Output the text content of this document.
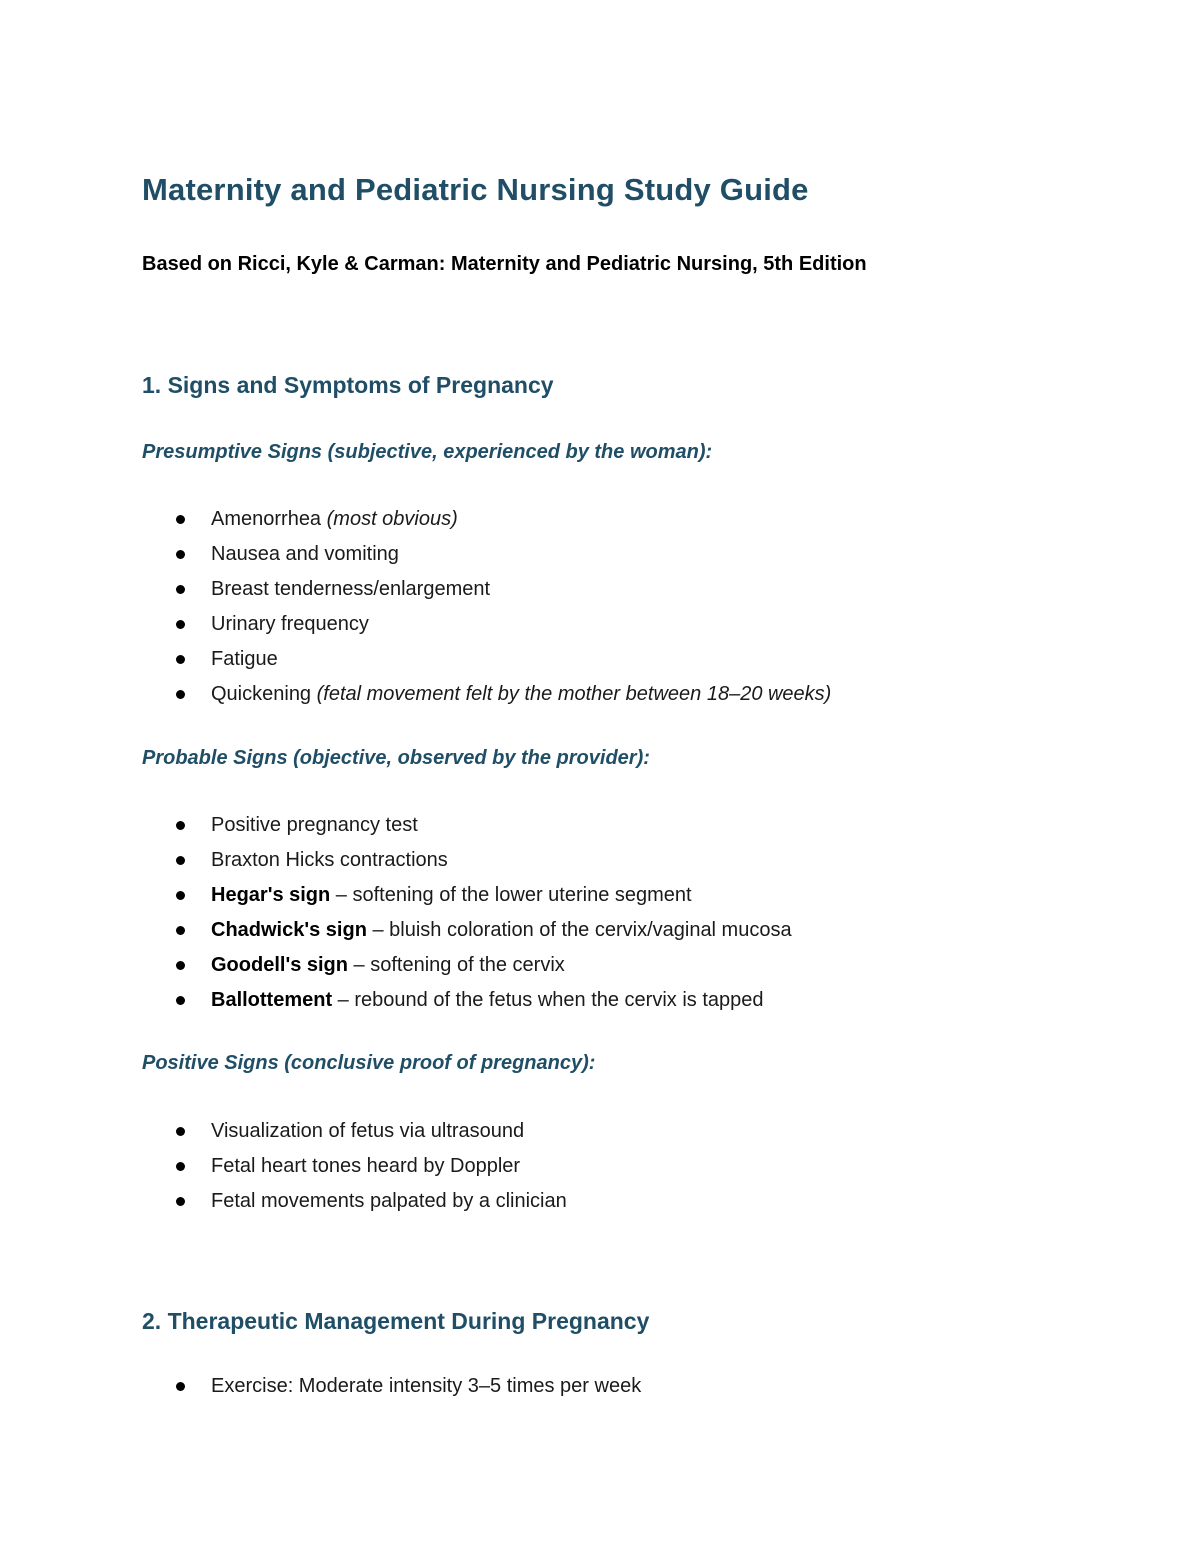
Maternity and Pediatric Nursing Study Guide
Based on Ricci, Kyle & Carman: Maternity and Pediatric Nursing, 5th Edition
1. Signs and Symptoms of Pregnancy
Presumptive Signs (subjective, experienced by the woman):
Amenorrhea (most obvious)
Nausea and vomiting
Breast tenderness/enlargement
Urinary frequency
Fatigue
Quickening (fetal movement felt by the mother between 18–20 weeks)
Probable Signs (objective, observed by the provider):
Positive pregnancy test
Braxton Hicks contractions
Hegar's sign – softening of the lower uterine segment
Chadwick's sign – bluish coloration of the cervix/vaginal mucosa
Goodell's sign – softening of the cervix
Ballottement – rebound of the fetus when the cervix is tapped
Positive Signs (conclusive proof of pregnancy):
Visualization of fetus via ultrasound
Fetal heart tones heard by Doppler
Fetal movements palpated by a clinician
2. Therapeutic Management During Pregnancy
Exercise: Moderate intensity 3–5 times per week
